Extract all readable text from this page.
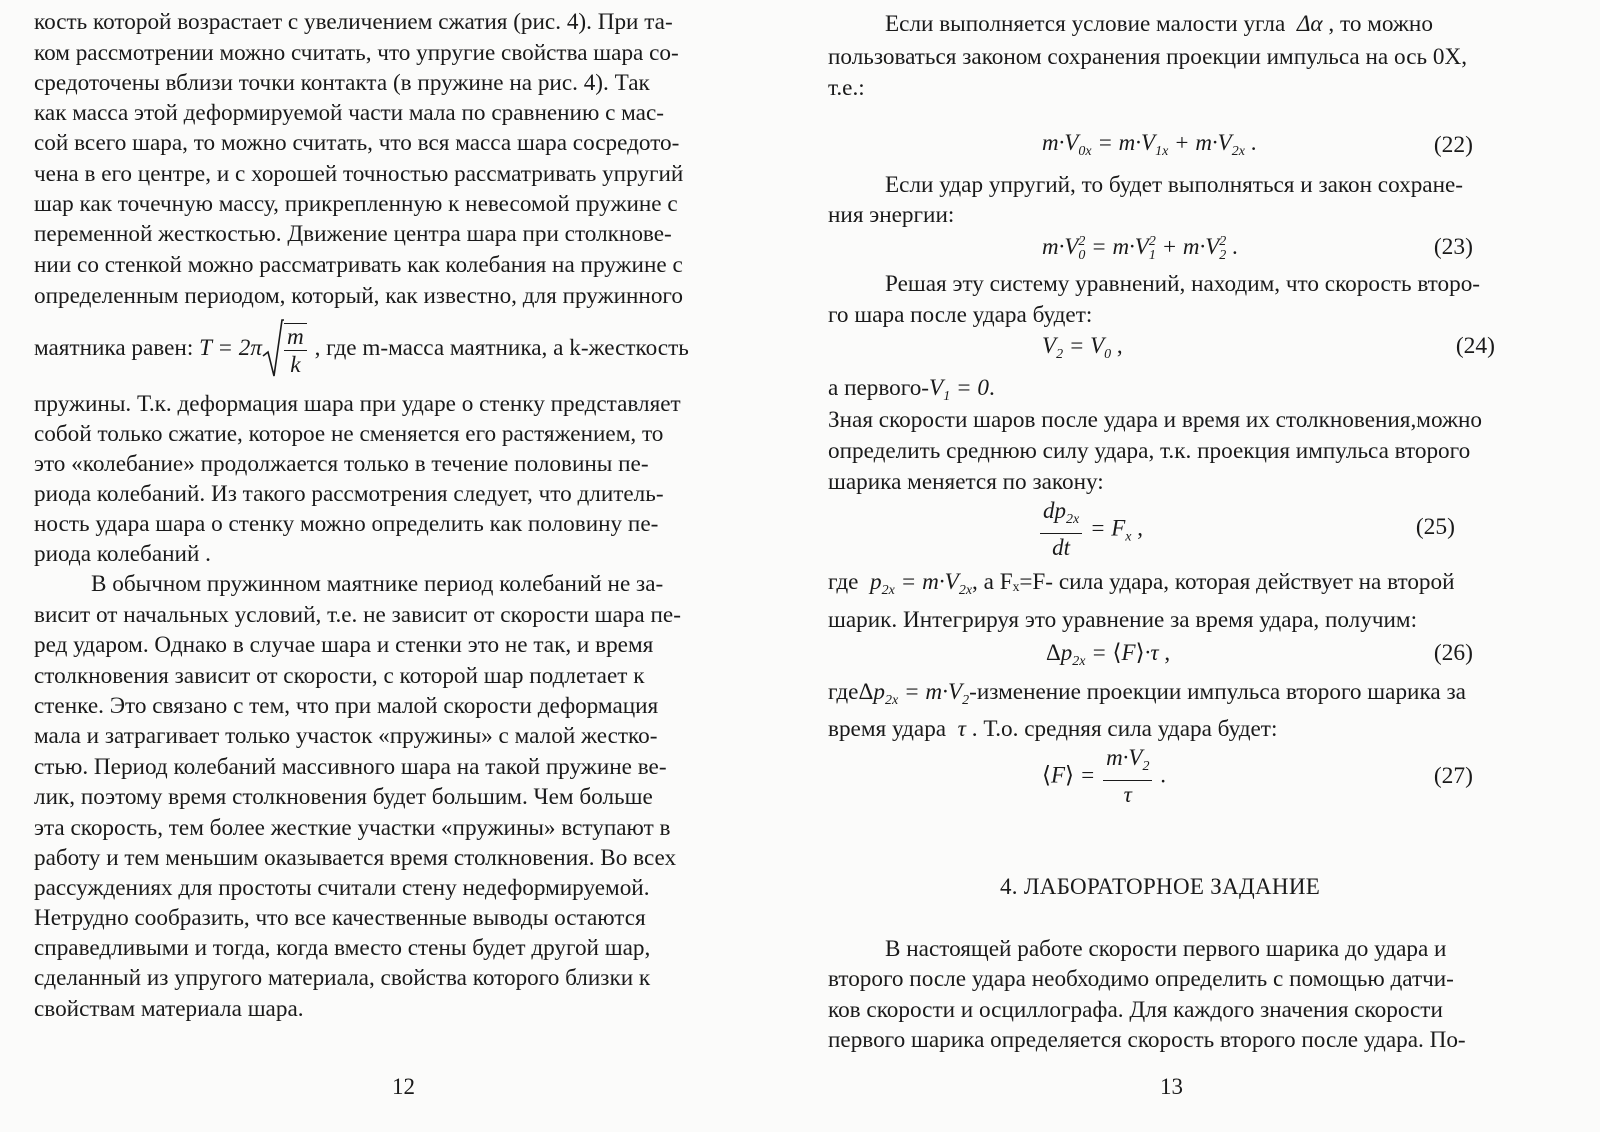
кость которой возрастает с увеличением сжатия (рис. 4). При та-
ком рассмотрении можно считать, что упругие свойства шара со-
средоточены вблизи точки контакта (в пружине на рис. 4). Так
как масса этой деформируемой части мала по сравнению с мас-
сой всего шара, то можно считать, что вся масса шара сосредото-
чена в его центре, и с хорошей точностью рассматривать упругий
шар как точечную массу, прикрепленную к невесомой пружине с
переменной жесткостью. Движение центра шара при столкнове-
нии со стенкой можно рассматривать как колебания на пружине с
определенным периодом, который, как известно, для пружинного
маятника равен: $T = 2\pi \frac{m}{k}$ , где m-масса маятника, а k-жесткость
пружины. Т.к. деформация шара при ударе о стенку представляет
собой только сжатие, которое не сменяется его растяжением, то
это «колебание» продолжается только в течение половины пе-
риода колебаний. Из такого рассмотрения следует, что длитель-
ность удара шара о стенку можно определить как половину пе-
риода колебаний .
В обычном пружинном маятнике период колебаний не за-
висит от начальных условий, т.е. не зависит от скорости шара пе-
ред ударом. Однако в случае шара и стенки это не так, и время
столкновения зависит от скорости, с которой шар подлетает к
стенке. Это связано с тем, что при малой скорости деформация
мала и затрагивает только участок «пружины» с малой жестко-
стью. Период колебаний массивного шара на такой пружине ве-
лик, поэтому время столкновения будет большим. Чем больше
эта скорость, тем более жесткие участки «пружины» вступают в
работу и тем меньшим оказывается время столкновения. Во всех
рассуждениях для простоты считали стену недеформируемой.
Нетрудно сообразить, что все качественные выводы остаются
справедливыми и тогда, когда вместо стены будет другой шар,
сделанный из упругого материала, свойства которого близки к
свойствам материала шара.
12
Если выполняется условие малости угла  Δα , то можно
пользоваться законом сохранения проекции импульса на ось 0X,
т.е.:
$m\cdot V_{0x} = m\cdot V_{1x} + m\cdot V_{2x}$ .	(22)
Если удар упругий, то будет выполняться и закон сохране-
ния энергии:
$m\cdot V^2_0 = m\cdot V^2_1 + m\cdot V^2_2$ .	(23)
Решая эту систему уравнений, находим, что скорость второ-
го шара после удара будет:
$V_2 = V_0$ ,	(24)
а первого-$V_1 = 0$.
Зная скорости шаров после удара и время их столкновения,можно
определить среднюю силу удара, т.к. проекция импульса второго
шарика меняется по закону:
$\frac{dp_{2x}}{dt} = F_x$ ,	(25)
где  $p_{2x} = m\cdot V_{2x}$, а Fₓ=F- сила удара, которая действует на второй
шарик. Интегрируя это уравнение за время удара, получим:
$\Delta p_{2x}$ = ⟨F⟩·τ ,	(26)
$где\Delta p_{2x} = m\cdot V_2$-изменение проекции импульса второго шарика за
время удара  τ . Т.о. средняя сила удара будет:
⟨F⟩ = $\frac{m\cdot V_2}{\tau}$ .	(27)
4. ЛАБОРАТОРНОЕ ЗАДАНИЕ
В настоящей работе скорости первого шарика до удара и
второго после удара необходимо определить с помощью датчи-
ков скорости и осциллографа. Для каждого значения скорости
первого шарика определяется скорость второго после удара. По-
13
